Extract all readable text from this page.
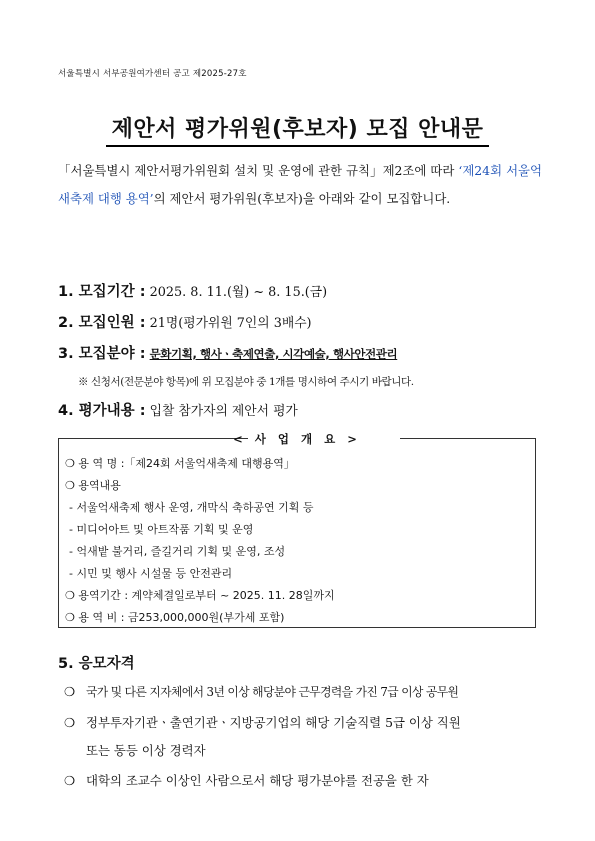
서울특별시 서부공원여가센터 공고 제2025-27호
제안서 평가위원(후보자) 모집 안내문
「서울특별시 제안서평가위원회 설치 및 운영에 관한 규칙」제2조에 따라 ‘제24회 서울억새축제 대행 용역’의 제안서 평가위원(후보자)을 아래와 같이 모집합니다.
1. 모집기간 : 2025. 8. 11.(월) ~ 8. 15.(금)
2. 모집인원 : 21명(평가위원 7인의 3배수)
3. 모집분야 : 문화기획, 행사ㆍ축제연출, 시각예술, 행사안전관리
※ 신청서(전문분야 항목)에 위 모집분야 중 1개를 명시하여 주시기 바랍니다.
4. 평가내용 : 입찰 참가자의 제안서 평가
< 사 업 개 요 >
❍ 용 역 명 :「제24회 서울억새축제 대행용역」
❍ 용역내용
- 서울억새축제 행사 운영, 개막식 축하공연 기획 등
- 미디어아트 및 아트작품 기획 및 운영
- 억새밭 불거리, 즐길거리 기획 및 운영, 조성
- 시민 및 행사 시설물 등 안전관리
❍ 용역기간 : 계약체결일로부터 ~ 2025. 11. 28일까지
❍ 용 역 비 : 금253,000,000원(부가세 포함)
5. 응모자격
❍ 국가 및 다른 지자체에서 3년 이상 해당분야 근무경력을 가진 7급 이상 공무원
❍ 정부투자기관ㆍ출연기관ㆍ지방공기업의 해당 기술직렬 5급 이상 직원
또는 동등 이상 경력자
❍ 대학의 조교수 이상인 사람으로서 해당 평가분야를 전공을 한 자
